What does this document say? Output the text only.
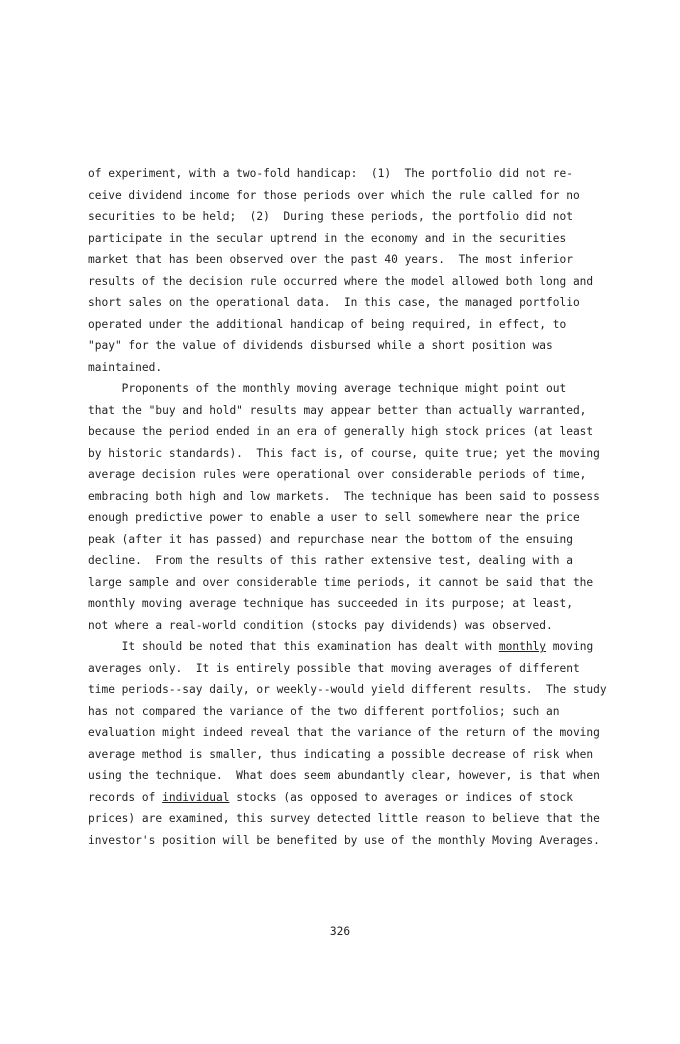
of experiment, with a two-fold handicap:  (1)  The portfolio did not re-
ceive dividend income for those periods over which the rule called for no
securities to be held;  (2)  During these periods, the portfolio did not
participate in the secular uptrend in the economy and in the securities
market that has been observed over the past 40 years.  The most inferior
results of the decision rule occurred where the model allowed both long and
short sales on the operational data.  In this case, the managed portfolio
operated under the additional handicap of being required, in effect, to
"pay" for the value of dividends disbursed while a short position was
maintained.
Proponents of the monthly moving average technique might point out
that the "buy and hold" results may appear better than actually warranted,
because the period ended in an era of generally high stock prices (at least
by historic standards).  This fact is, of course, quite true; yet the moving
average decision rules were operational over considerable periods of time,
embracing both high and low markets.  The technique has been said to possess
enough predictive power to enable a user to sell somewhere near the price
peak (after it has passed) and repurchase near the bottom of the ensuing
decline.  From the results of this rather extensive test, dealing with a
large sample and over considerable time periods, it cannot be said that the
monthly moving average technique has succeeded in its purpose; at least,
not where a real-world condition (stocks pay dividends) was observed.
It should be noted that this examination has dealt with monthly moving
averages only.  It is entirely possible that moving averages of different
time periods--say daily, or weekly--would yield different results.  The study
has not compared the variance of the two different portfolios; such an
evaluation might indeed reveal that the variance of the return of the moving
average method is smaller, thus indicating a possible decrease of risk when
using the technique.  What does seem abundantly clear, however, is that when
records of individual stocks (as opposed to averages or indices of stock
prices) are examined, this survey detected little reason to believe that the
investor's position will be benefited by use of the monthly Moving Averages.
326
